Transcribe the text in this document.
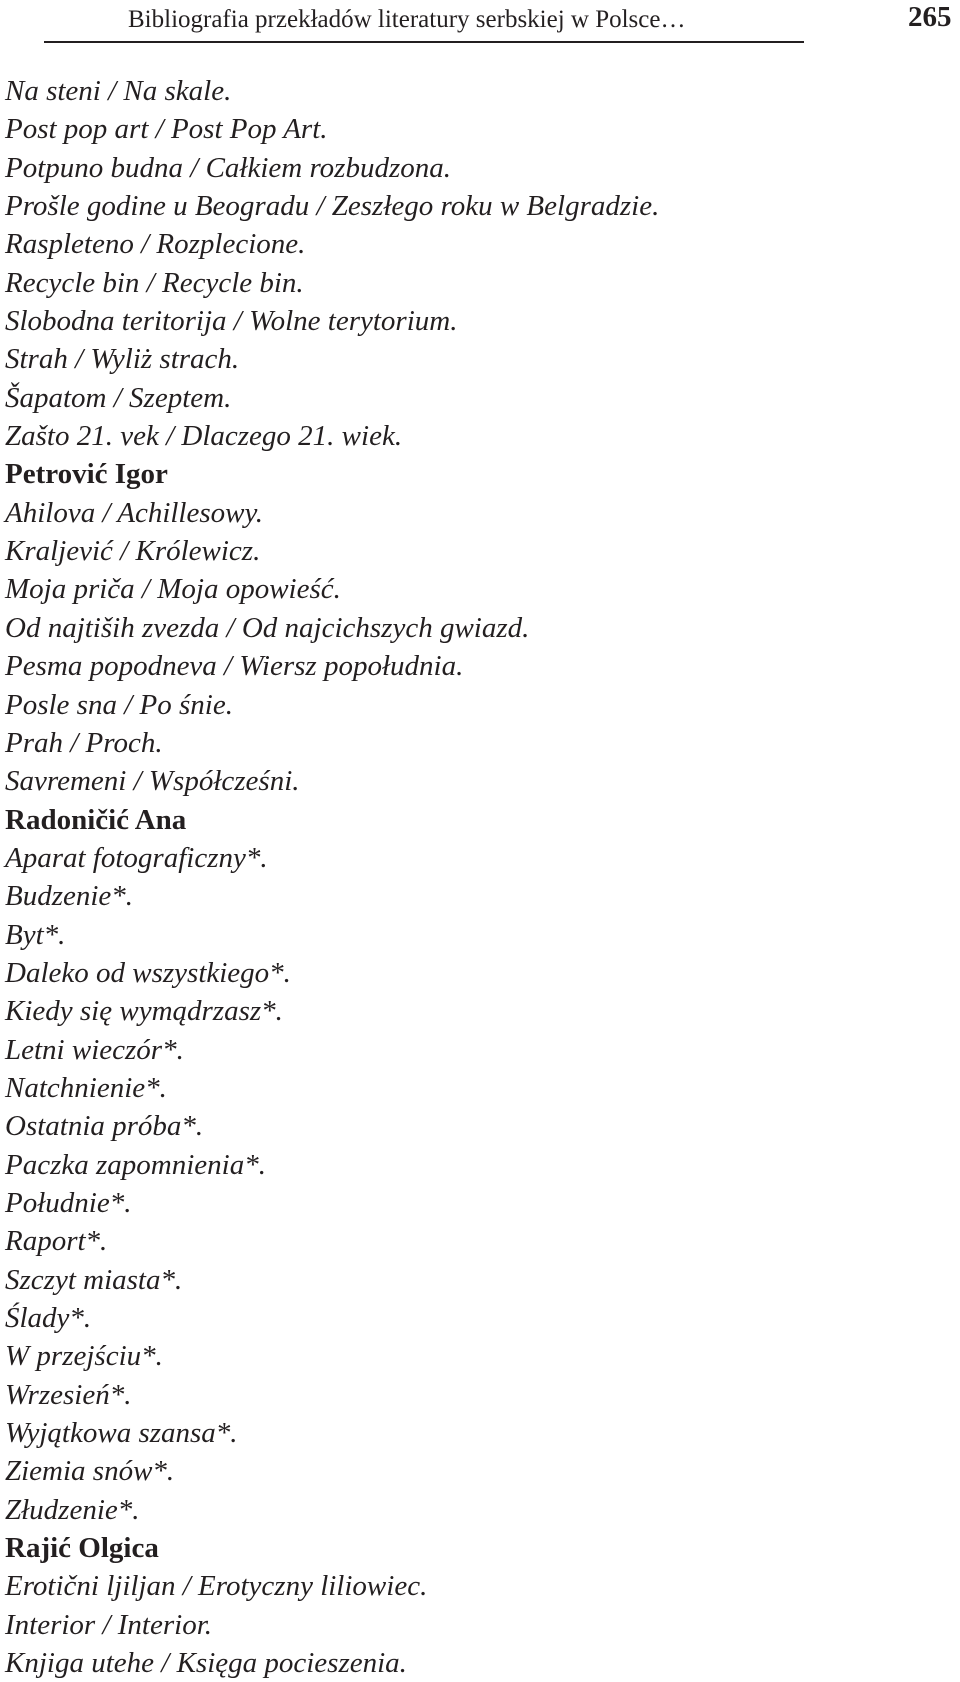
Bibliografia przekładów literatury serbskiej w Polsce…	265
Na steni / Na skale.
Post pop art / Post Pop Art.
Potpuno budna / Całkiem rozbudzona.
Prošle godine u Beogradu / Zeszłego roku w Belgradzie.
Raspleteno / Rozplecione.
Recycle bin / Recycle bin.
Slobodna teritorija / Wolne terytorium.
Strah / Wyliż strach.
Šapatom / Szeptem.
Zašto 21. vek / Dlaczego 21. wiek.
Petrović Igor
Ahilova / Achillesowy.
Kraljević / Królewicz.
Moja priča / Moja opowieść.
Od najtiših zvezda / Od najcichszych gwiazd.
Pesma popodneva / Wiersz popołudnia.
Posle sna / Po śnie.
Prah / Proch.
Savremeni / Współcześni.
Radoničić Ana
Aparat fotograficzny*.
Budzenie*.
Byt*.
Daleko od wszystkiego*.
Kiedy się wymądrzasz*.
Letni wieczór*.
Natchnienie*.
Ostatnia próba*.
Paczka zapomnienia*.
Południe*.
Raport*.
Szczyt miasta*.
Ślady*.
W przejściu*.
Wrzesień*.
Wyjątkowa szansa*.
Ziemia snów*.
Złudzenie*.
Rajić Olgica
Erotični ljiljan / Erotyczny liliowiec.
Interior / Interior.
Knjiga utehe / Księga pocieszenia.
